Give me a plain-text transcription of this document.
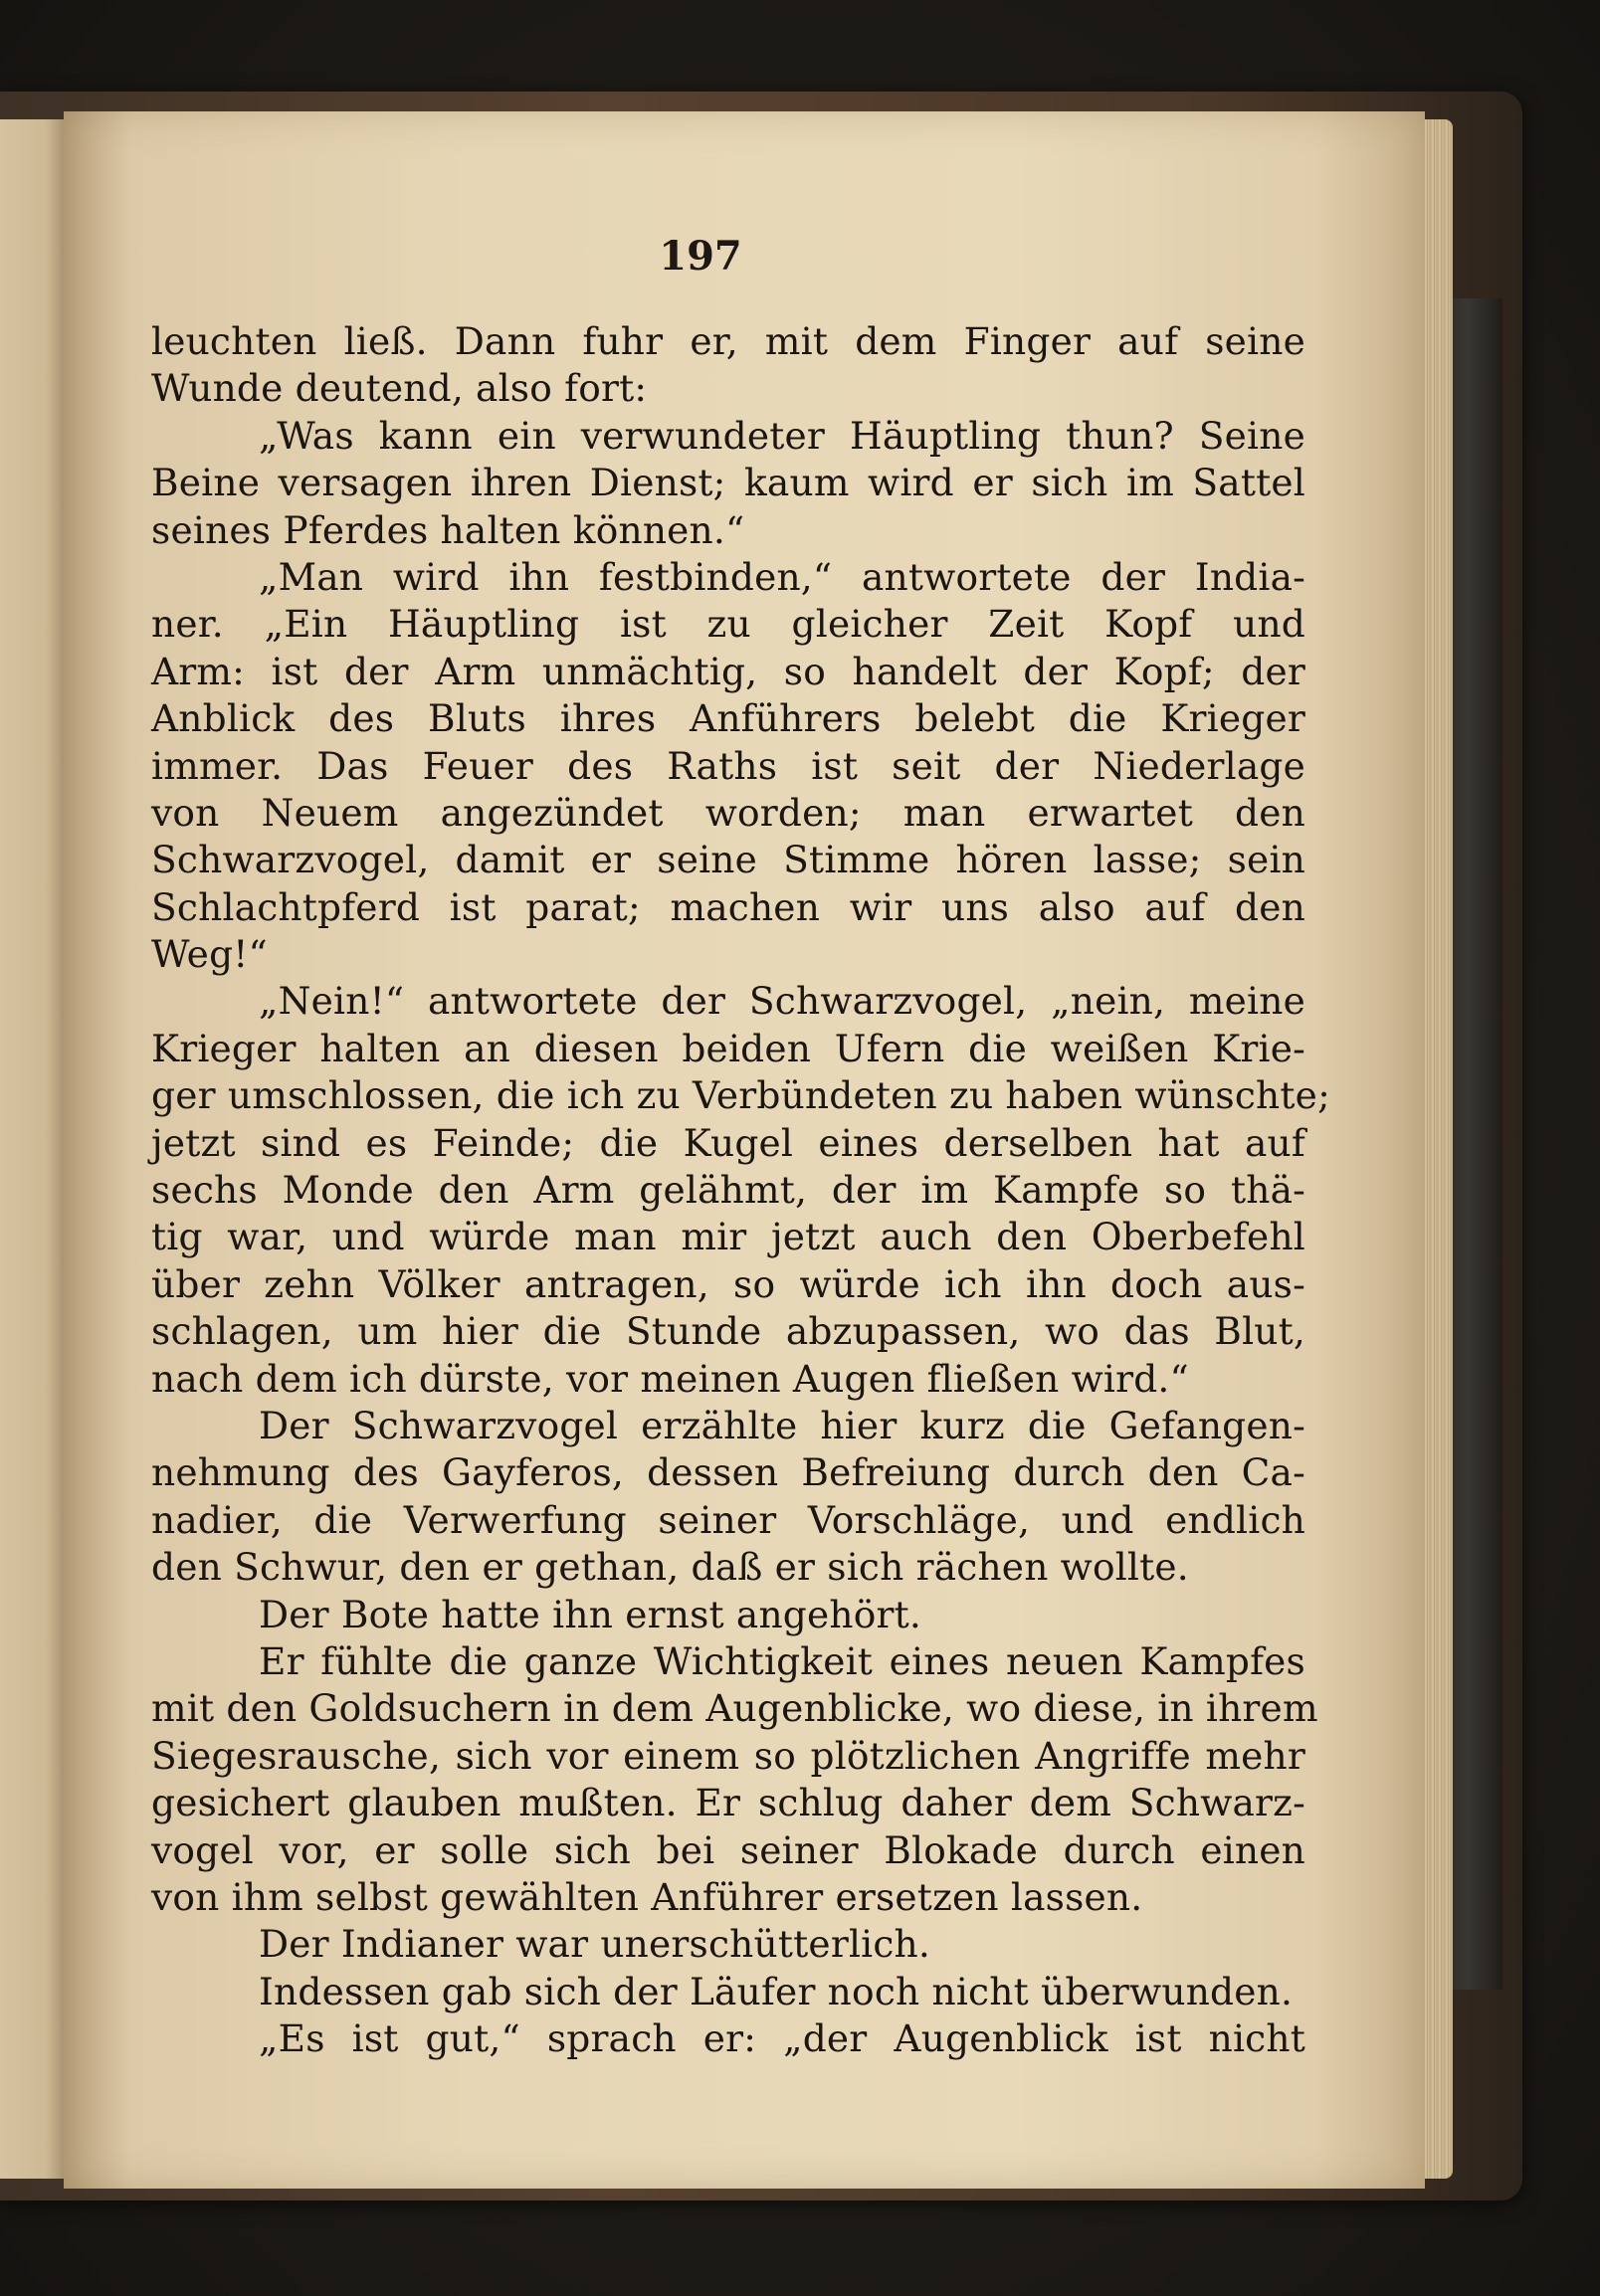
197
leuchten ließ. Dann fuhr er, mit dem Finger auf seine
Wunde deutend, also fort:
„Was kann ein verwundeter Häuptling thun? Seine
Beine versagen ihren Dienst; kaum wird er sich im Sattel
seines Pferdes halten können.“
„Man wird ihn festbinden,“ antwortete der India-
ner. „Ein Häuptling ist zu gleicher Zeit Kopf und
Arm: ist der Arm unmächtig, so handelt der Kopf; der
Anblick des Bluts ihres Anführers belebt die Krieger
immer. Das Feuer des Raths ist seit der Niederlage
von Neuem angezündet worden; man erwartet den
Schwarzvogel, damit er seine Stimme hören lasse; sein
Schlachtpferd ist parat; machen wir uns also auf den
Weg!“
„Nein!“ antwortete der Schwarzvogel, „nein, meine
Krieger halten an diesen beiden Ufern die weißen Krie-
ger umschlossen, die ich zu Verbündeten zu haben wünschte;
jetzt sind es Feinde; die Kugel eines derselben hat auf
sechs Monde den Arm gelähmt, der im Kampfe so thä-
tig war, und würde man mir jetzt auch den Oberbefehl
über zehn Völker antragen, so würde ich ihn doch aus-
schlagen, um hier die Stunde abzupassen, wo das Blut,
nach dem ich dürste, vor meinen Augen fließen wird.“
Der Schwarzvogel erzählte hier kurz die Gefangen-
nehmung des Gayferos, dessen Befreiung durch den Ca-
nadier, die Verwerfung seiner Vorschläge, und endlich
den Schwur, den er gethan, daß er sich rächen wollte.
Der Bote hatte ihn ernst angehört.
Er fühlte die ganze Wichtigkeit eines neuen Kampfes
mit den Goldsuchern in dem Augenblicke, wo diese, in ihrem
Siegesrausche, sich vor einem so plötzlichen Angriffe mehr
gesichert glauben mußten. Er schlug daher dem Schwarz-
vogel vor, er solle sich bei seiner Blokade durch einen
von ihm selbst gewählten Anführer ersetzen lassen.
Der Indianer war unerschütterlich.
Indessen gab sich der Läufer noch nicht überwunden.
„Es ist gut,“ sprach er: „der Augenblick ist nicht
